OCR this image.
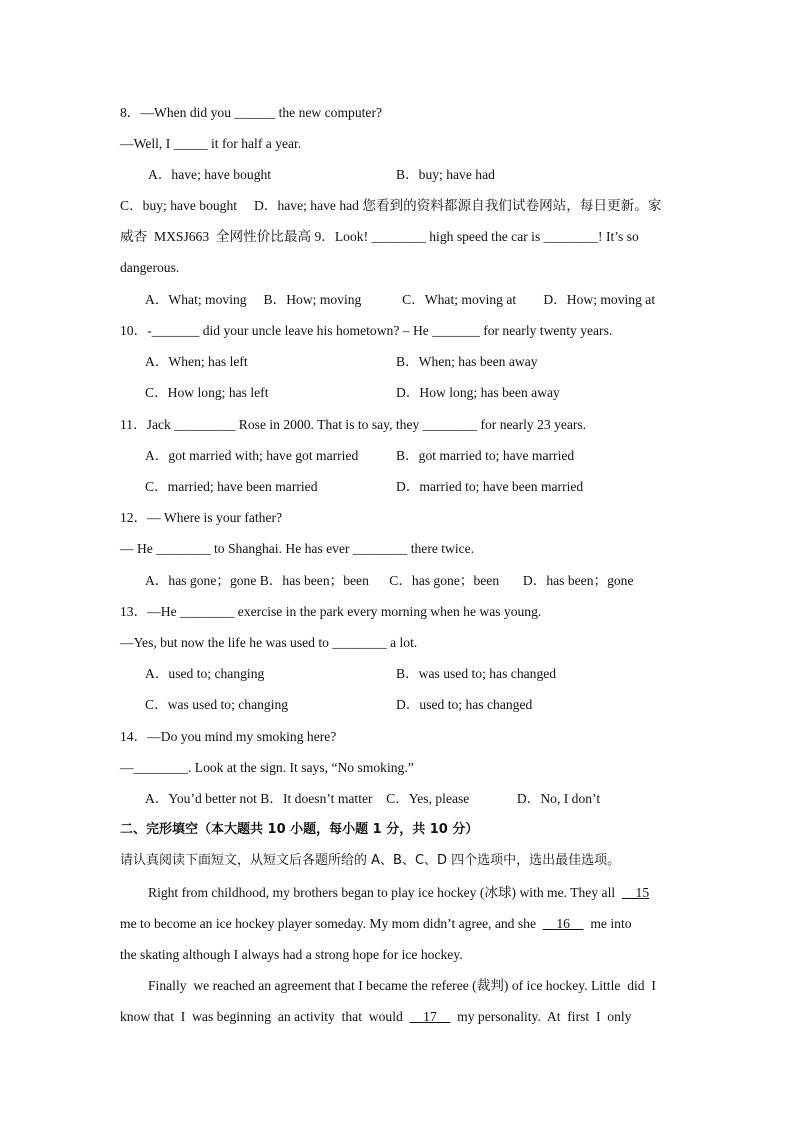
8．—When did you ______ the new computer?
—Well, I _____ it for half a year.
A．have; have bought	B．buy; have had
C．buy; have bought　 D．have; have had 您看到的资料都源自我们试卷网站，每日更新。家
威杏  MXSJ663  全网性价比最高 9．Look! ________ high speed the car is ________! It’s so
dangerous.
A．What; moving　 B．How; moving　　　C．What; moving at　　D．How; moving at
10．-_______ did your uncle leave his hometown? – He _______ for nearly twenty years.
A．When; has left	B．When; has been away
C．How long; has left	D．How long; has been away
11．Jack _________ Rose in 2000. That is to say, they ________ for nearly 23 years.
A．got married with; have got married	B．got married to; have married
C．married; have been married	D．married to; have been married
12．— Where is your father?
— He ________ to Shanghai. He has ever ________ there twice.
A．has gone；gone B．has been；been　  C．has gone；been　   D．has been；gone
13．—He ________ exercise in the park every morning when he was young.
—Yes, but now the life he was used to ________ a lot.
A．used to; changing	B．was used to; has changed
C．was used to; changing	D．used to; has changed
14．—Do you mind my smoking here?
—________. Look at the sign. It says, “No smoking.”
A．You’d better not B．It doesn’t matter　C．Yes, please　　　  D．No, I don’t
二、完形填空（本大题共 10 小题，每小题 1 分，共 10 分）
请认真阅读下面短文，从短文后各题所给的 A、B、C、D 四个选项中，选出最佳选项。
Right from childhood, my brothers began to play ice hockey (冰球) with me. They all 15
me to become an ice hockey player someday. My mom didn’t agree, and she 16 me into
the skating although I always had a strong hope for ice hockey.
Finally  we reached an agreement that I became the referee (裁判) of ice hockey. Little  did  I
know that  I  was beginning  an activity  that  would 17 my personality.  At  first  I  only
